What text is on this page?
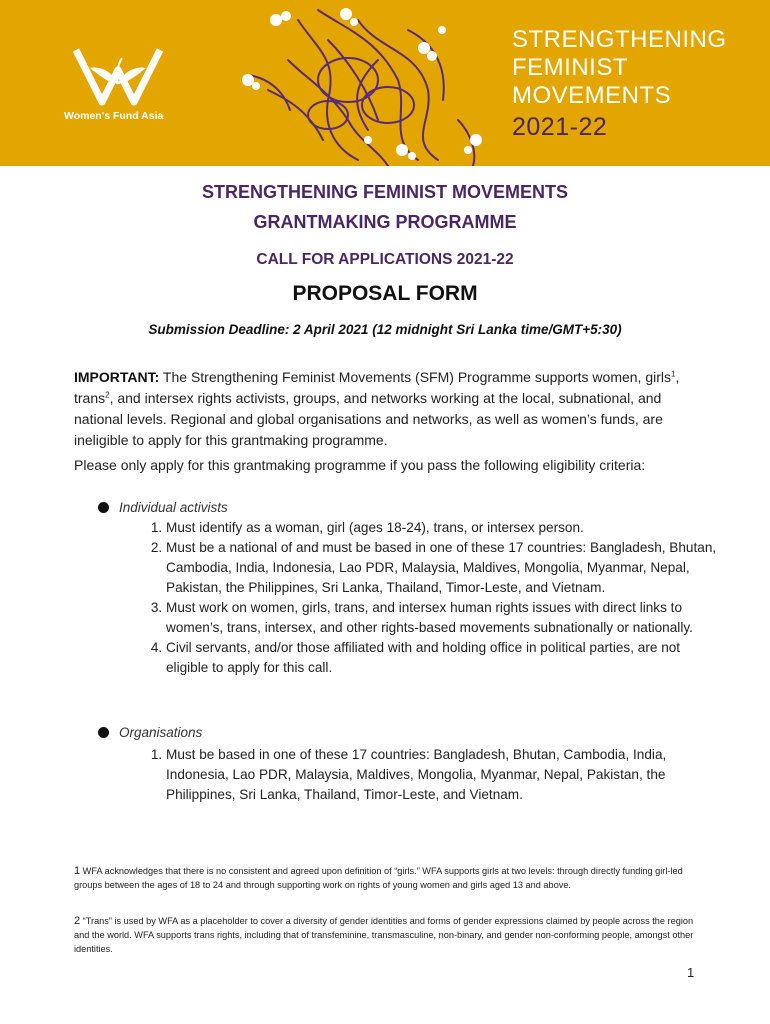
Women's Fund Asia
STRENGTHENING
FEMINIST
MOVEMENTS
2021-22
STRENGTHENING FEMINIST MOVEMENTS
GRANTMAKING PROGRAMME
CALL FOR APPLICATIONS 2021-22
PROPOSAL FORM
Submission Deadline: 2 April 2021 (12 midnight Sri Lanka time/GMT+5:30)
IMPORTANT: The Strengthening Feminist Movements (SFM) Programme supports women, girls$^1$, trans$^2$, and intersex rights activists, groups, and networks working at the local, subnational, and national levels. Regional and global organisations and networks, as well as women’s funds, are ineligible to apply for this grantmaking programme.
Please only apply for this grantmaking programme if you pass the following eligibility criteria:
Individual activists
1. Must identify as a woman, girl (ages 18-24), trans, or intersex person.
2. Must be a national of and must be based in one of these 17 countries: Bangladesh, Bhutan, Cambodia, India, Indonesia, Lao PDR, Malaysia, Maldives, Mongolia, Myanmar, Nepal, Pakistan, the Philippines, Sri Lanka, Thailand, Timor-Leste, and Vietnam.
3. Must work on women, girls, trans, and intersex human rights issues with direct links to women’s, trans, intersex, and other rights-based movements subnationally or nationally.
4. Civil servants, and/or those affiliated with and holding office in political parties, are not eligible to apply for this call.
Organisations
1. Must be based in one of these 17 countries: Bangladesh, Bhutan, Cambodia, India, Indonesia, Lao PDR, Malaysia, Maldives, Mongolia, Myanmar, Nepal, Pakistan, the Philippines, Sri Lanka, Thailand, Timor-Leste, and Vietnam.
1 WFA acknowledges that there is no consistent and agreed upon definition of “girls.” WFA supports girls at two levels: through directly funding girl-led groups between the ages of 18 to 24 and through supporting work on rights of young women and girls aged 13 and above.
2 “Trans” is used by WFA as a placeholder to cover a diversity of gender identities and forms of gender expressions claimed by people across the region and the world. WFA supports trans rights, including that of transfeminine, transmasculine, non-binary, and gender non-conforming people, amongst other identities.
1
